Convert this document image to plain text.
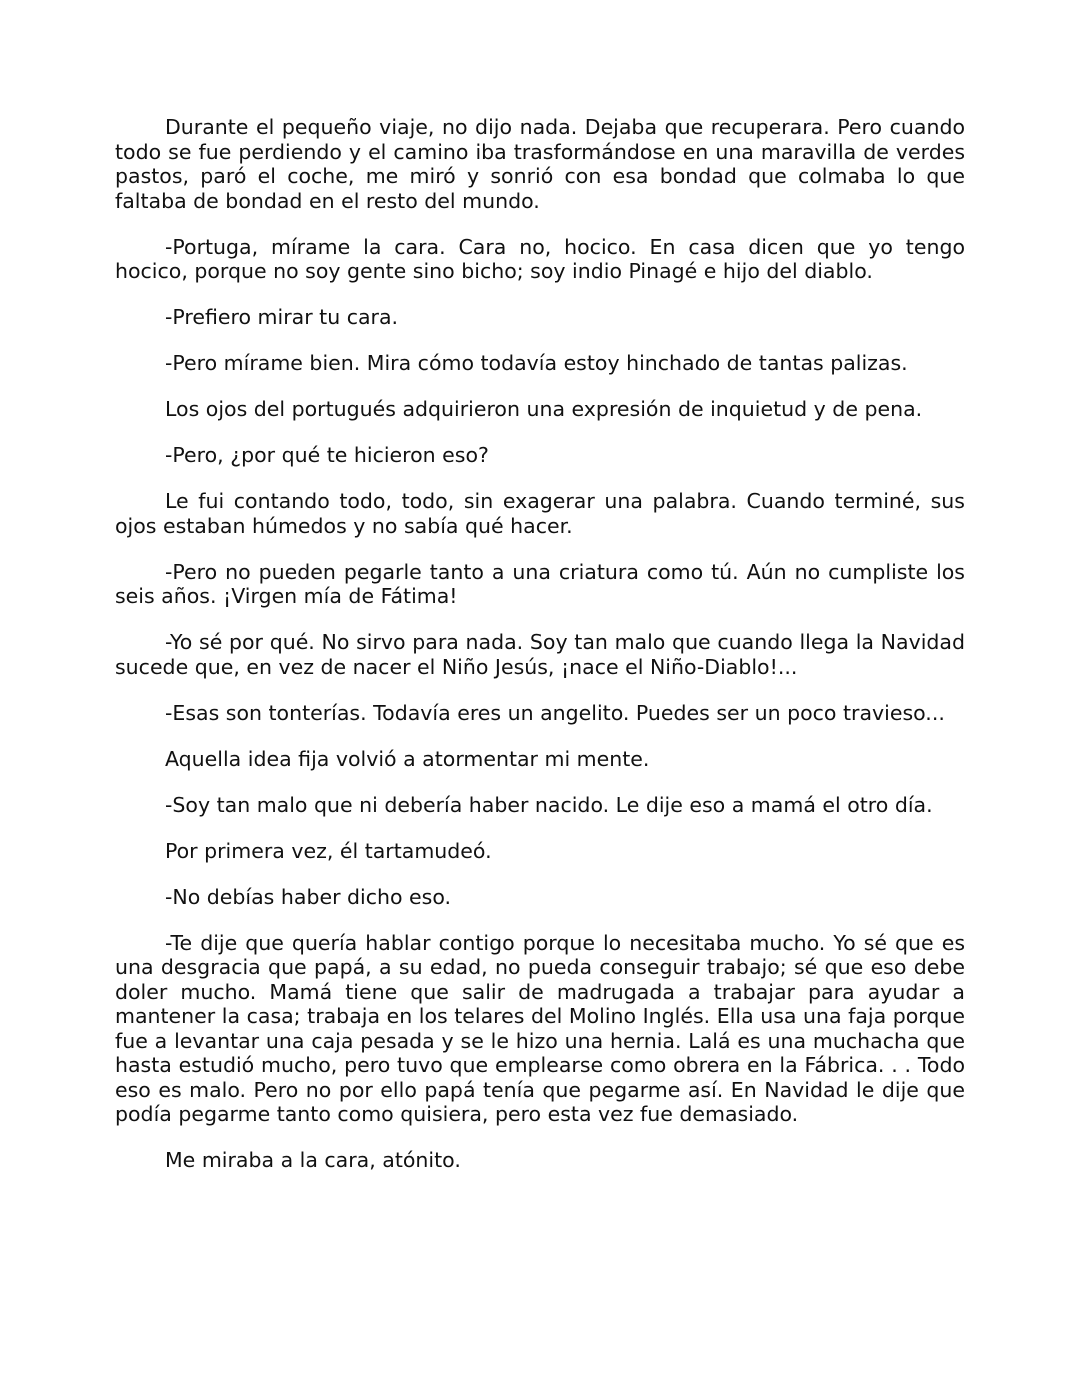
Durante el pequeño viaje, no dijo nada. Dejaba que recuperara. Pero cuando todo se fue perdiendo y el camino iba trasformándose en una maravilla de verdes pastos, paró el coche, me miró y sonrió con esa bondad que colmaba lo que faltaba de bondad en el resto del mundo.

-Portuga, mírame la cara. Cara no, hocico. En casa dicen que yo tengo hocico, porque no soy gente sino bicho; soy indio Pinagé e hijo del diablo.

-Prefiero mirar tu cara.

-Pero mírame bien. Mira cómo todavía estoy hinchado de tantas palizas.

Los ojos del portugués adquirieron una expresión de inquietud y de pena.

-Pero, ¿por qué te hicieron eso?

Le fui contando todo, todo, sin exagerar una palabra. Cuando terminé, sus ojos estaban húmedos y no sabía qué hacer.

-Pero no pueden pegarle tanto a una criatura como tú. Aún no cumpliste los seis años. ¡Virgen mía de Fátima!

-Yo sé por qué. No sirvo para nada. Soy tan malo que cuando llega la Navidad sucede que, en vez de nacer el Niño Jesús, ¡nace el Niño-Diablo!...

-Esas son tonterías. Todavía eres un angelito. Puedes ser un poco travieso...

Aquella idea fija volvió a atormentar mi mente.

-Soy tan malo que ni debería haber nacido. Le dije eso a mamá el otro día.

Por primera vez, él tartamudeó.

-No debías haber dicho eso.

-Te dije que quería hablar contigo porque lo necesitaba mucho. Yo sé que es una desgracia que papá, a su edad, no pueda conseguir trabajo; sé que eso debe doler mucho. Mamá tiene que salir de madrugada a trabajar para ayudar a mantener la casa; trabaja en los telares del Molino Inglés. Ella usa una faja porque fue a levantar una caja pesada y se le hizo una hernia. Lalá es una muchacha que hasta estudió mucho, pero tuvo que emplearse como obrera en la Fábrica. . . Todo eso es malo. Pero no por ello papá tenía que pegarme así. En Navidad le dije que podía pegarme tanto como quisiera, pero esta vez fue demasiado.

Me miraba a la cara, atónito.
